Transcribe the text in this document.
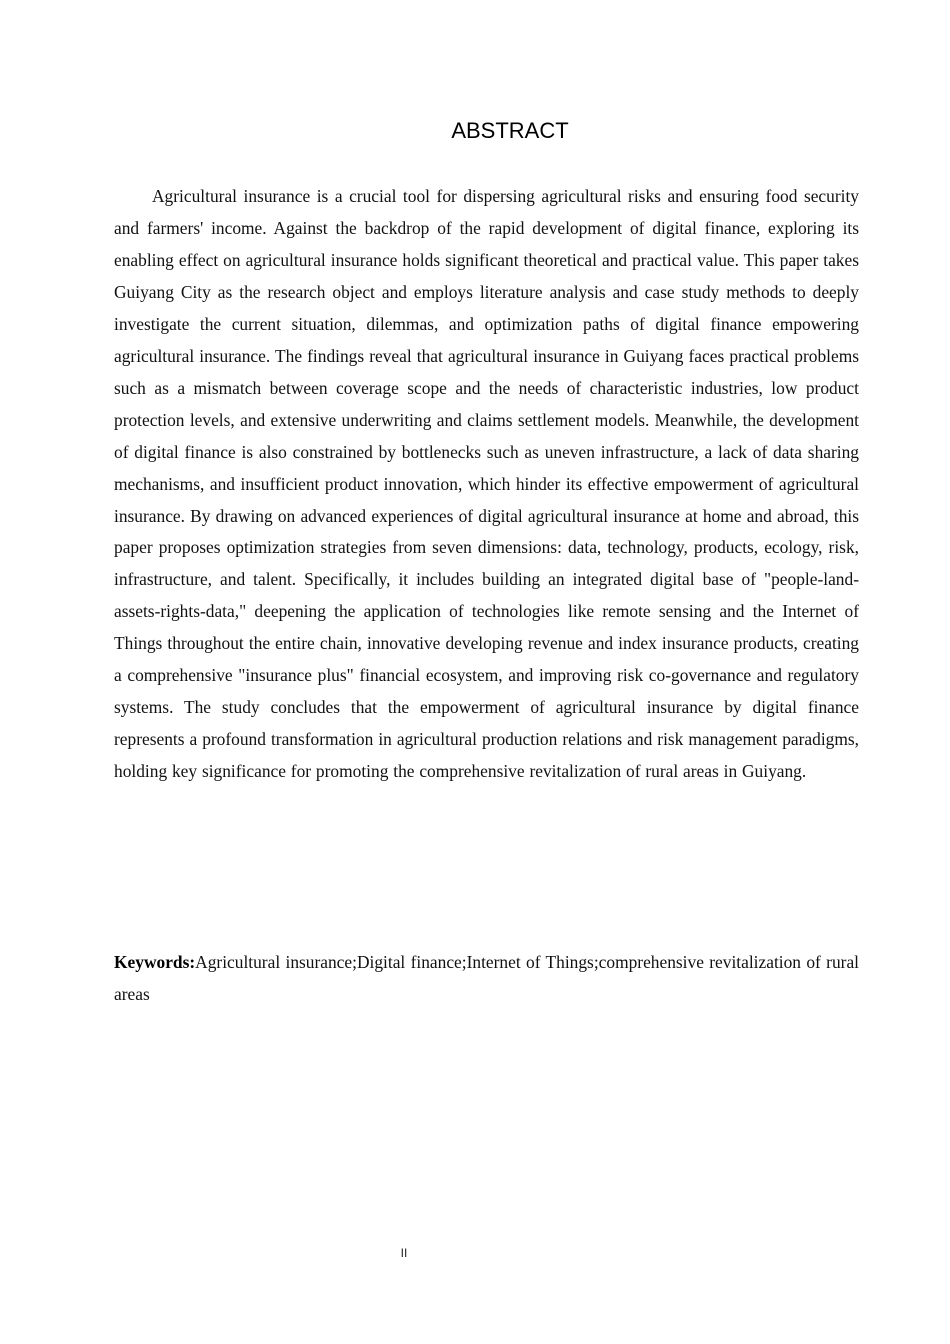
ABSTRACT

Agricultural insurance is a crucial tool for dispersing agricultural risks and ensuring food security and farmers' income. Against the backdrop of the rapid development of digital finance, exploring its enabling effect on agricultural insurance holds significant theoretical and practical value. This paper takes Guiyang City as the research object and employs literature analysis and case study methods to deeply investigate the current situation, dilemmas, and optimization paths of digital finance empowering agricultural insurance. The findings reveal that agricultural insurance in Guiyang faces practical problems such as a mismatch between coverage scope and the needs of characteristic industries, low product protection levels, and extensive underwriting and claims settlement models. Meanwhile, the development of digital finance is also constrained by bottlenecks such as uneven infrastructure, a lack of data sharing mechanisms, and insufficient product innovation, which hinder its effective empowerment of agricultural insurance. By drawing on advanced experiences of digital agricultural insurance at home and abroad, this paper proposes optimization strategies from seven dimensions: data, technology, products, ecology, risk, infrastructure, and talent. Specifically, it includes building an integrated digital base of "people-land-assets-rights-data," deepening the application of technologies like remote sensing and the Internet of Things throughout the entire chain, innovative developing revenue and index insurance products, creating a comprehensive "insurance plus" financial ecosystem, and improving risk co-governance and regulatory systems. The study concludes that the empowerment of agricultural insurance by digital finance represents a profound transformation in agricultural production relations and risk management paradigms, holding key significance for promoting the comprehensive revitalization of rural areas in Guiyang.

Keywords:Agricultural insurance;Digital finance;Internet of Things;comprehensive revitalization of rural areas

II
